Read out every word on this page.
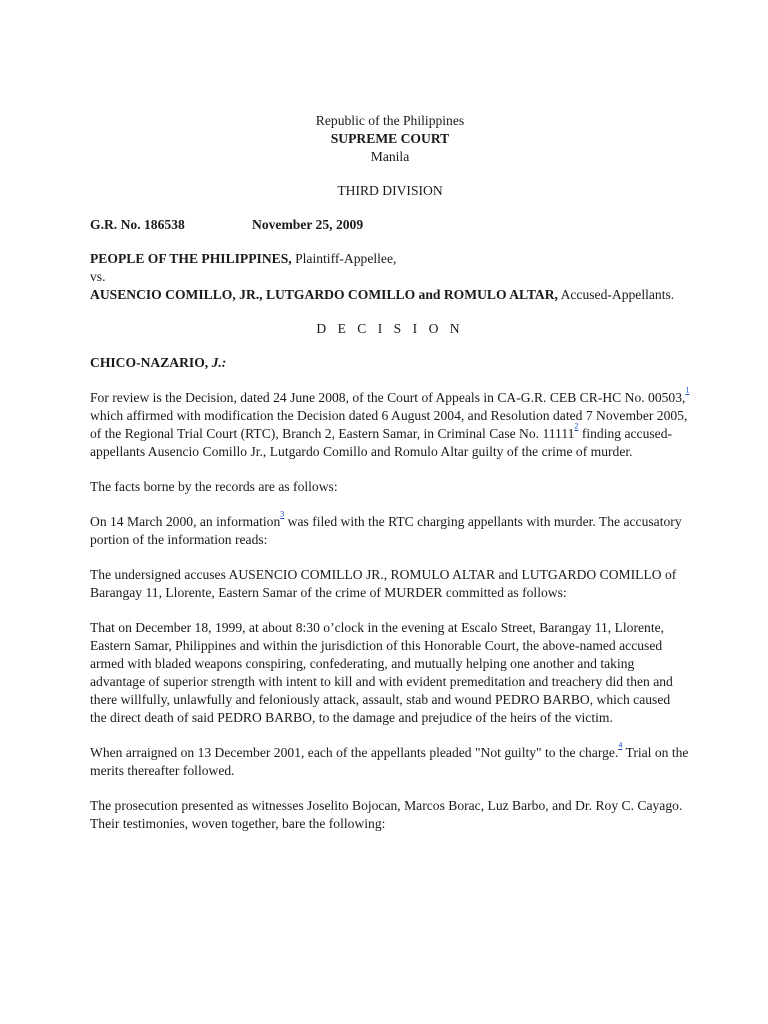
Republic of the Philippines

SUPREME COURT

Manila

THIRD DIVISION

G.R. No. 186538	November 25, 2009

PEOPLE OF THE PHILIPPINES, Plaintiff-Appellee,

vs.

AUSENCIO COMILLO, JR., LUTGARDO COMILLO and ROMULO ALTAR, Accused-Appellants.

D E C I S I O N

CHICO-NAZARIO, J.:

For review is the Decision, dated 24 June 2008, of the Court of Appeals in CA-G.R. CEB CR-HC No. 00503,$^1$ which affirmed with modification the Decision dated 6 August 2004, and Resolution dated 7 November 2005, of the Regional Trial Court (RTC), Branch 2, Eastern Samar, in Criminal Case No. 11111$^2$ finding accused-appellants Ausencio Comillo Jr., Lutgardo Comillo and Romulo Altar guilty of the crime of murder.

The facts borne by the records are as follows:

On 14 March 2000, an information$^3$ was filed with the RTC charging appellants with murder. The accusatory portion of the information reads:

The undersigned accuses AUSENCIO COMILLO JR., ROMULO ALTAR and LUTGARDO COMILLO of Barangay 11, Llorente, Eastern Samar of the crime of MURDER committed as follows:

That on December 18, 1999, at about 8:30 o’clock in the evening at Escalo Street, Barangay 11, Llorente, Eastern Samar, Philippines and within the jurisdiction of this Honorable Court, the above-named accused armed with bladed weapons conspiring, confederating, and mutually helping one another and taking advantage of superior strength with intent to kill and with evident premeditation and treachery did then and there willfully, unlawfully and feloniously attack, assault, stab and wound PEDRO BARBO, which caused the direct death of said PEDRO BARBO, to the damage and prejudice of the heirs of the victim.

When arraigned on 13 December 2001, each of the appellants pleaded "Not guilty" to the charge.$^4$ Trial on the merits thereafter followed.

The prosecution presented as witnesses Joselito Bojocan, Marcos Borac, Luz Barbo, and Dr. Roy C. Cayago. Their testimonies, woven together, bare the following:
